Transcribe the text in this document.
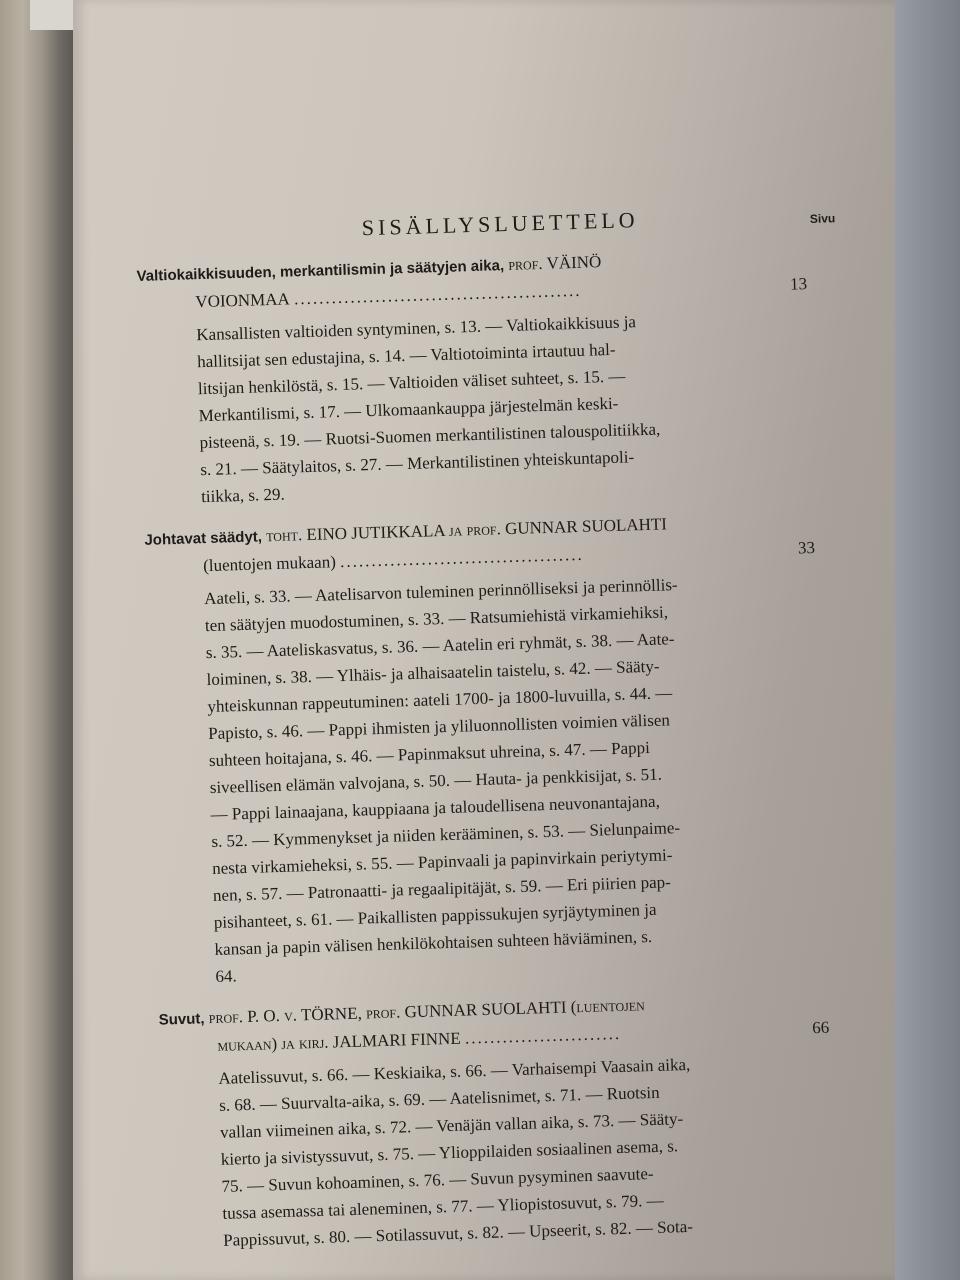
SISÄLLYSLUETTELO	Sivu
Valtiokaikkisuuden, merkantilismin ja säätyjen aika, prof. VÄINÖ
VOIONMAA ..............................................	13
Kansallisten valtioiden syntyminen, s. 13. — Valtiokaikkisuus ja
hallitsijat sen edustajina, s. 14. — Valtiotoiminta irtautuu hal-
litsijan henkilöstä, s. 15. — Valtioiden väliset suhteet, s. 15. —
Merkantilismi, s. 17. — Ulkomaankauppa järjestelmän keski-
pisteenä, s. 19. — Ruotsi-Suomen merkantilistinen talouspolitiikka,
s. 21. — Säätylaitos, s. 27. — Merkantilistinen yhteiskuntapoli-
tiikka, s. 29.
Johtavat säädyt, toht. EINO JUTIKKALA ja prof. GUNNAR SUOLAHTI
(luentojen mukaan) .......................................	33
Aateli, s. 33. — Aatelisarvon tuleminen perinnölliseksi ja perinnöllis-
ten säätyjen muodostuminen, s. 33. — Ratsumiehistä virkamiehiksi,
s. 35. — Aateliskasvatus, s. 36. — Aatelin eri ryhmät, s. 38. — Aate-
loiminen, s. 38. — Ylhäis- ja alhaisaatelin taistelu, s. 42. — Sääty-
yhteiskunnan rappeutuminen: aateli 1700- ja 1800-luvuilla, s. 44. —
Papisto, s. 46. — Pappi ihmisten ja yliluonnollisten voimien välisen
suhteen hoitajana, s. 46. — Papinmaksut uhreina, s. 47. — Pappi
siveellisen elämän valvojana, s. 50. — Hauta- ja penkkisijat, s. 51.
— Pappi lainaajana, kauppiaana ja taloudellisena neuvonantajana,
s. 52. — Kymmenykset ja niiden kerääminen, s. 53. — Sielunpaime-
nesta virkamieheksi, s. 55. — Papinvaali ja papinvirkain periytymi-
nen, s. 57. — Patronaatti- ja regaalipitäjät, s. 59. — Eri piirien pap-
pisihanteet, s. 61. — Paikallisten pappissukujen syrjäytyminen ja
kansan ja papin välisen henkilökohtaisen suhteen häviäminen, s.
64.
Suvut, prof. P. O. v. TÖRNE, prof. GUNNAR SUOLAHTI (luentojen
mukaan) ja kirj. JALMARI FINNE .........................	66
Aatelissuvut, s. 66. — Keskiaika, s. 66. — Varhaisempi Vaasain aika,
s. 68. — Suurvalta-aika, s. 69. — Aatelisnimet, s. 71. — Ruotsin
vallan viimeinen aika, s. 72. — Venäjän vallan aika, s. 73. — Sääty-
kierto ja sivistyssuvut, s. 75. — Ylioppilaiden sosiaalinen asema, s.
75. — Suvun kohoaminen, s. 76. — Suvun pysyminen saavute-
tussa asemassa tai aleneminen, s. 77. — Yliopistosuvut, s. 79. —
Pappissuvut, s. 80. — Sotilassuvut, s. 82. — Upseerit, s. 82. — Sota-
